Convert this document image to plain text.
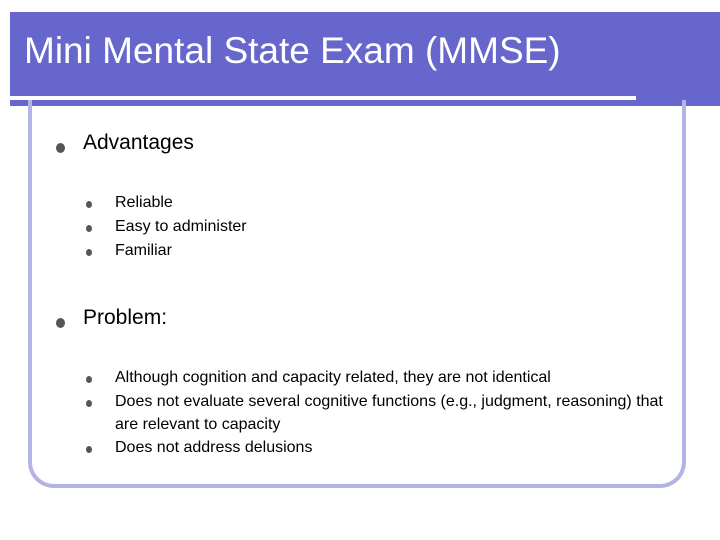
Mini Mental State Exam (MMSE)
Advantages
Reliable
Easy to administer
Familiar
Problem:
Although cognition and capacity related, they are not identical
Does not evaluate several cognitive functions (e.g., judgment, reasoning) that are relevant to capacity
Does not address delusions
